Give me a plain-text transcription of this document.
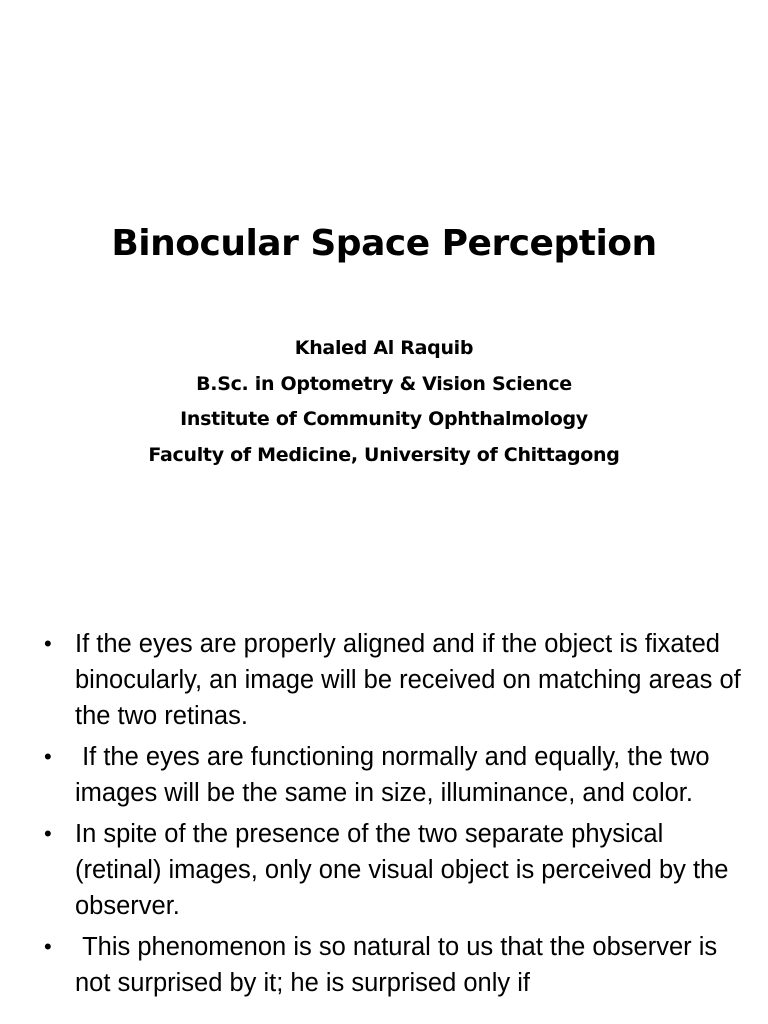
Binocular Space Perception
Khaled Al Raquib
B.Sc. in Optometry & Vision Science
Institute of Community Ophthalmology
Faculty of Medicine, University of Chittagong
• If the eyes are properly aligned and if the object is fixated binocularly, an image will be received on matching areas of the two retinas.
• If the eyes are functioning normally and equally, the two images will be the same in size, illuminance, and color.
• In spite of the presence of the two separate physical (retinal) images, only one visual object is perceived by the observer.
• This phenomenon is so natural to us that the observer is not surprised by it; he is surprised only if
